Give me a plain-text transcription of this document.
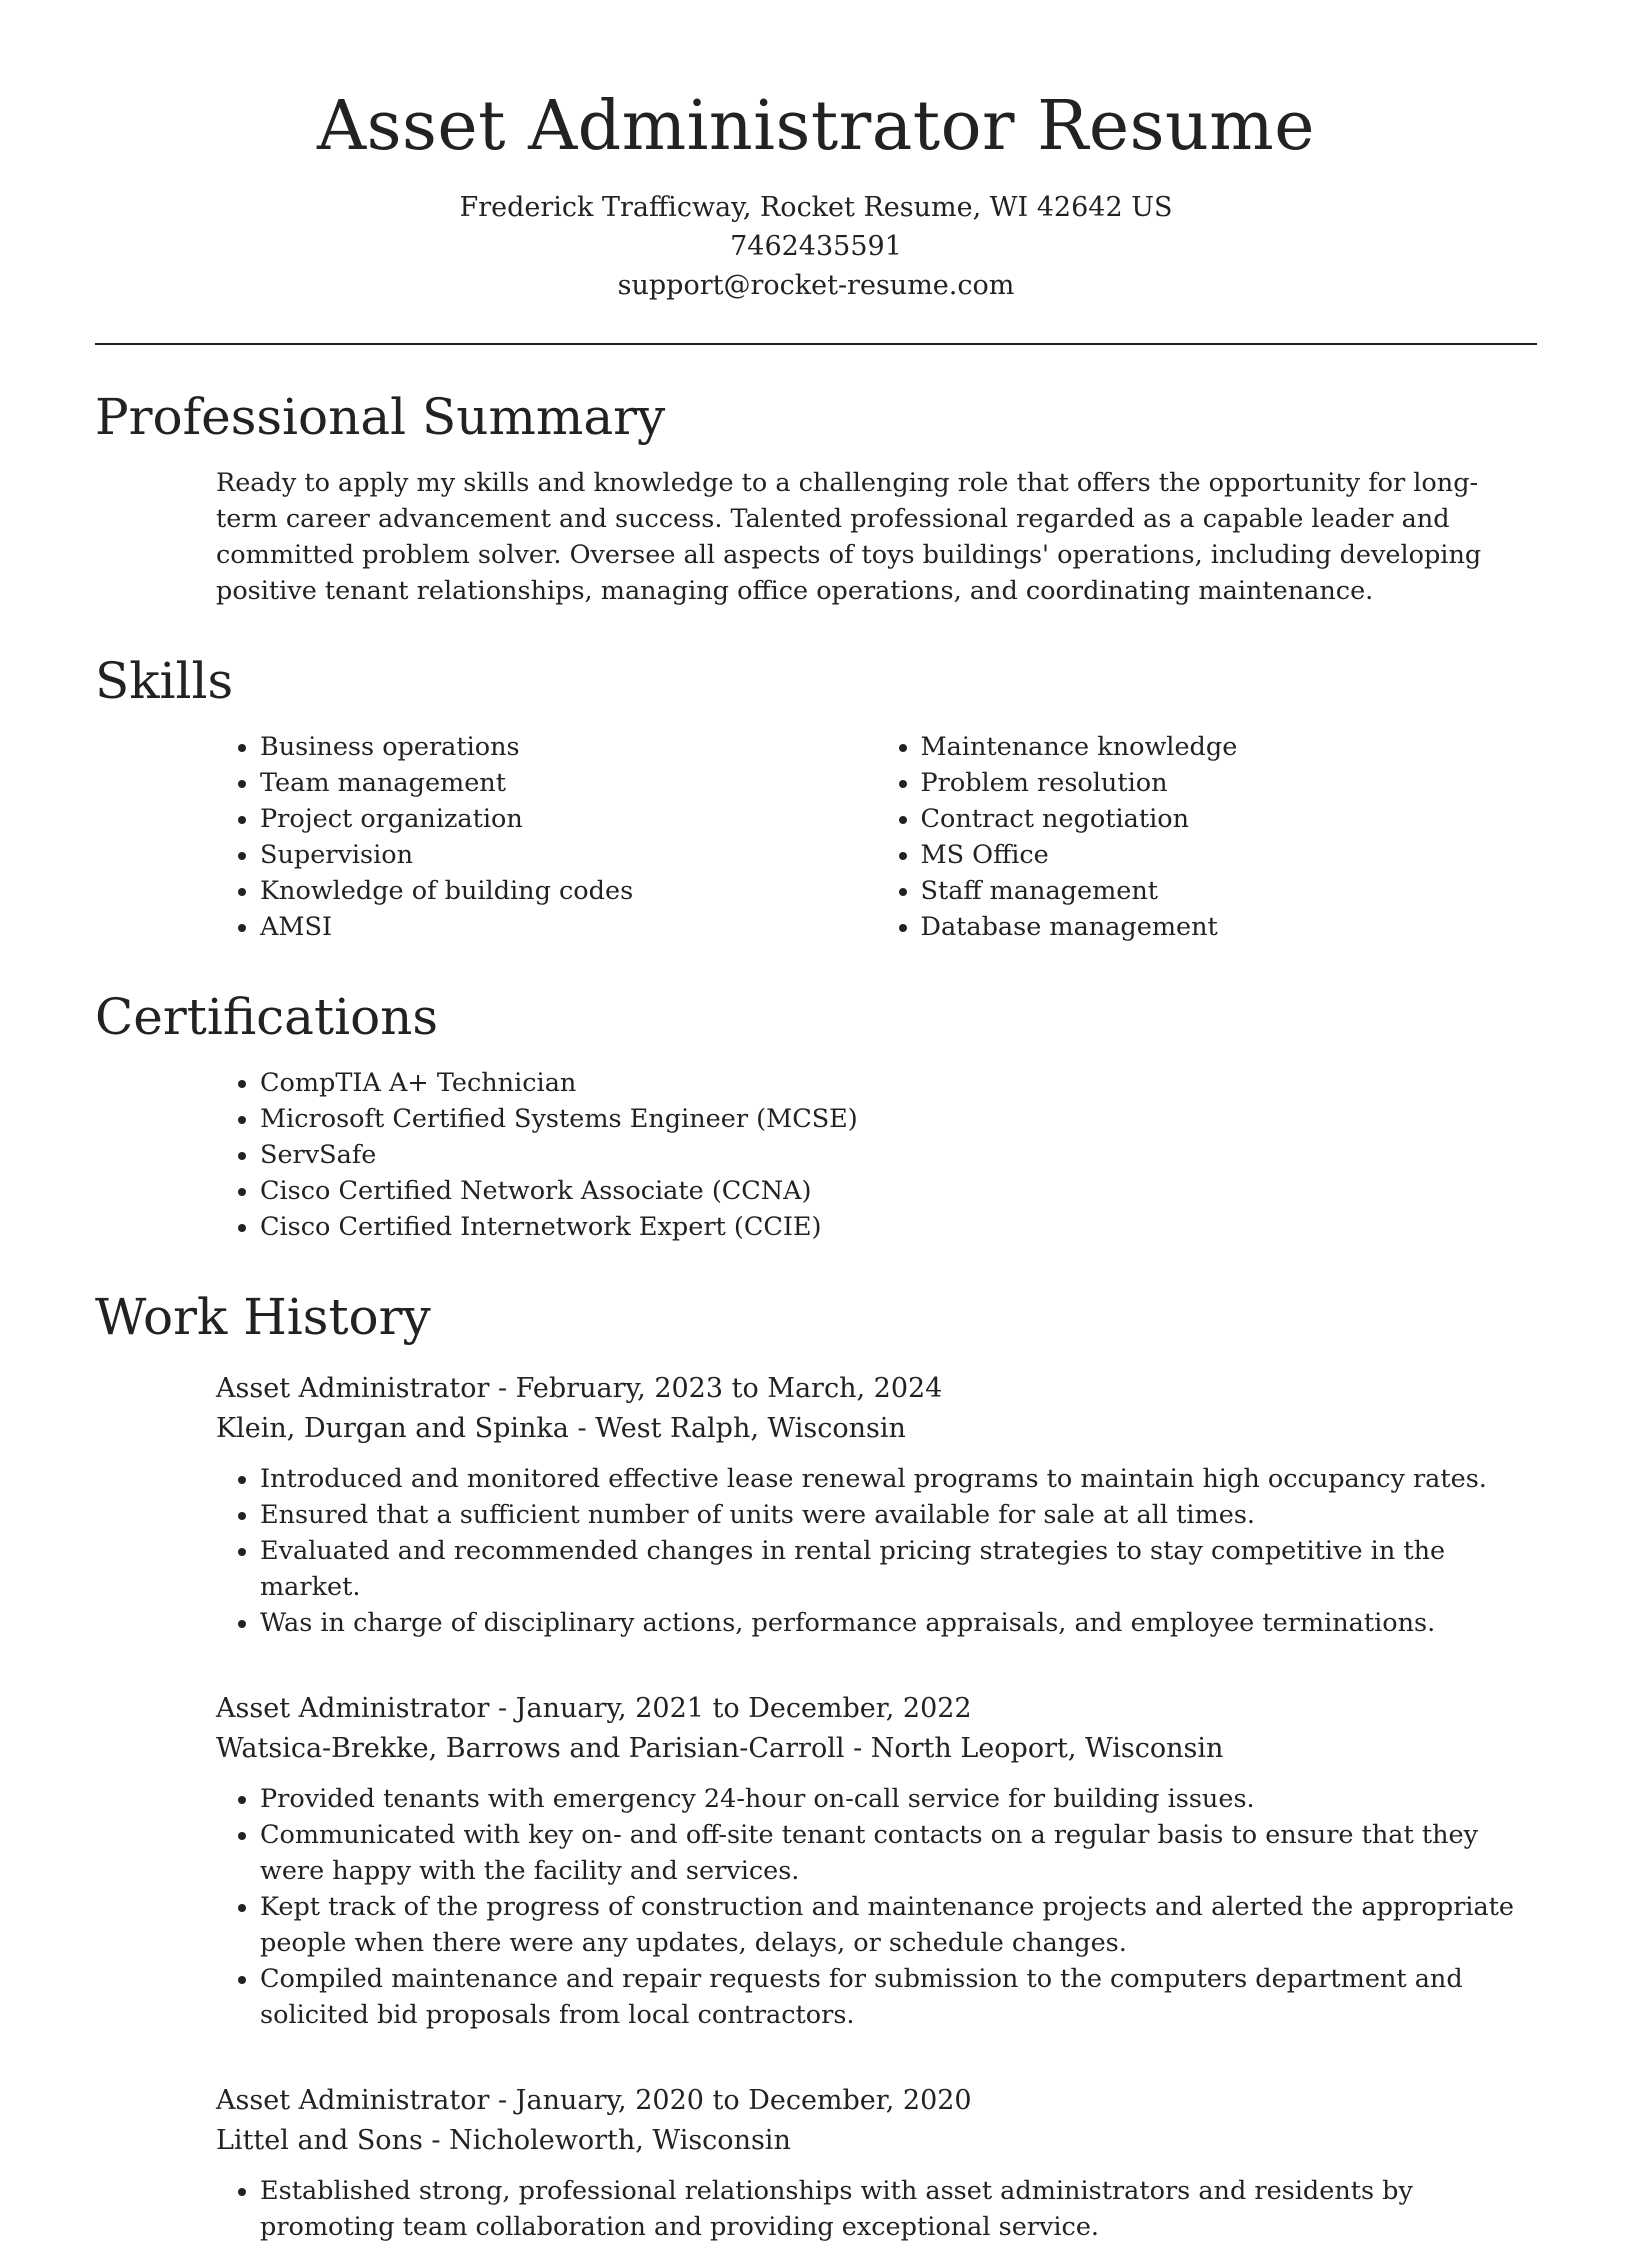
Asset Administrator Resume
Frederick Trafficway, Rocket Resume, WI 42642 US
7462435591
support@rocket-resume.com
Professional Summary

Ready to apply my skills and knowledge to a challenging role that offers the opportunity for long-term career advancement and success. Talented professional regarded as a capable leader and committed problem solver. Oversee all aspects of toys buildings' operations, including developing positive tenant relationships, managing office operations, and coordinating maintenance.

Skills
• Business operations
• Team management
• Project organization
• Supervision
• Knowledge of building codes
• AMSI
• Maintenance knowledge
• Problem resolution
• Contract negotiation
• MS Office
• Staff management
• Database management
Certifications
• CompTIA A+ Technician
• Microsoft Certified Systems Engineer (MCSE)
• ServSafe
• Cisco Certified Network Associate (CCNA)
• Cisco Certified Internetwork Expert (CCIE)
Work History
Asset Administrator - February, 2023 to March, 2024
Klein, Durgan and Spinka - West Ralph, Wisconsin
• Introduced and monitored effective lease renewal programs to maintain high occupancy rates.
• Ensured that a sufficient number of units were available for sale at all times.
• Evaluated and recommended changes in rental pricing strategies to stay competitive in the market.
• Was in charge of disciplinary actions, performance appraisals, and employee terminations.
Asset Administrator - January, 2021 to December, 2022
Watsica-Brekke, Barrows and Parisian-Carroll - North Leoport, Wisconsin
• Provided tenants with emergency 24-hour on-call service for building issues.
• Communicated with key on- and off-site tenant contacts on a regular basis to ensure that they were happy with the facility and services.
• Kept track of the progress of construction and maintenance projects and alerted the appropriate people when there were any updates, delays, or schedule changes.
• Compiled maintenance and repair requests for submission to the computers department and solicited bid proposals from local contractors.
Asset Administrator - January, 2020 to December, 2020
Littel and Sons - Nicholeworth, Wisconsin
• Established strong, professional relationships with asset administrators and residents by promoting team collaboration and providing exceptional service.
